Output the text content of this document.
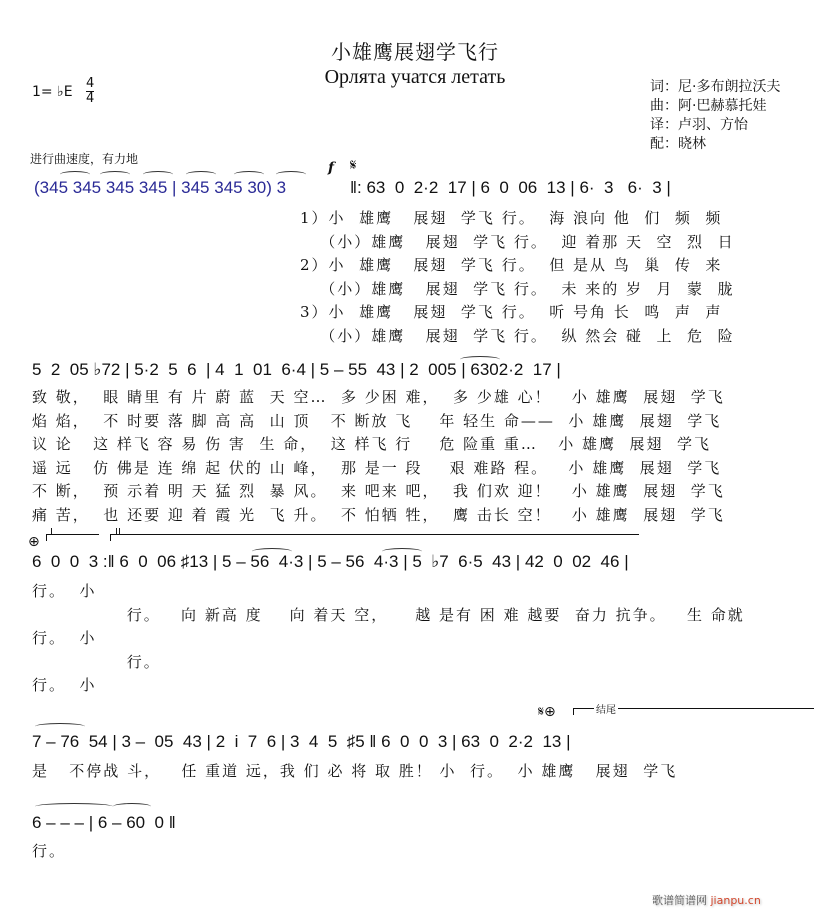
小雄鹰展翅学飞行
Орлята учатся летать
1= ♭E
4
4
词：尼·多布朗拉沃夫
曲：阿·巴赫慕托娃
译：卢羽、方怡
配：晓林
进行曲速度，有力地
f 𝄋
(345 345 345 345 | 345 345 30) 3	‖: 63  0  2·2  17 | 6  0  06  13 | 6·  3   6·  3 |
1）小  雄鹰   展翅  学飞 行。  海 浪向 他  们  频  频
（小）雄鹰   展翅  学飞 行。  迎 着那 天  空  烈  日
2）小  雄鹰   展翅  学飞 行。  但 是从 鸟  巢  传  来
（小）雄鹰   展翅  学飞 行。  未 来的 岁  月  蒙  胧
3）小  雄鹰   展翅  学飞 行。  听 号角 长  鸣  声  声
（小）雄鹰   展翅  学飞 行。  纵 然会 碰  上  危  险
5  2  05 ♭72 | 5·2  5  6  | 4  1  01  6·4 | 5 – 55  43 | 2  005 | 6302·2  17 |
致 敬，  眼 睛里 有 片 蔚 蓝  天 空…  多 少困 难，  多 少雄 心！   小 雄鹰  展翅  学飞
焰 焰，  不 时要 落 脚 高 高  山 顶   不 断放 飞    年 轻生 命——  小 雄鹰  展翅  学飞
议 论   这 样飞 容 易 伤 害  生 命，  这 样飞 行    危 险重 重…   小 雄鹰  展翅  学飞
遥 远   仿 佛是 连 绵 起 伏的 山 峰，  那 是一 段    艰 难路 程。   小 雄鹰  展翅  学飞
不 断，  预 示着 明 天 猛 烈  暴 风。  来 吧来 吧，  我 们欢 迎！   小 雄鹰  展翅  学飞
痛 苦，  也 还要 迎 着 霞 光  飞 升。  不 怕牺 牲，  鹰 击长 空！   小 雄鹰  展翅  学飞
⊕
I	II
6  0  0  3 :‖ 6  0  06 ♯13 | 5 – 56  4·3 | 5 – 56  4·3 | 5  ♭7  6·5  43 | 42  0  02  46 |
行。  小
行。   向 新高 度    向 着天 空，    越 是有 困 难 越要  奋力 抗争。   生 命就
行。  小
行。
行。  小
𝄋⊕	结尾
7 – 76  54 | 3 –  05  43 | 2  i  7  6 | 3  4  5  ♯5 ‖ 6  0  0  3 | 63  0  2·2  13 |
是   不停战 斗，   任 重道 远，我 们 必 将 取 胜！ 小  行。  小 雄鹰   展翅  学飞
6 – – – | 6 – 60  0 ‖
行。
歌谱简谱网 jianpu.cn
